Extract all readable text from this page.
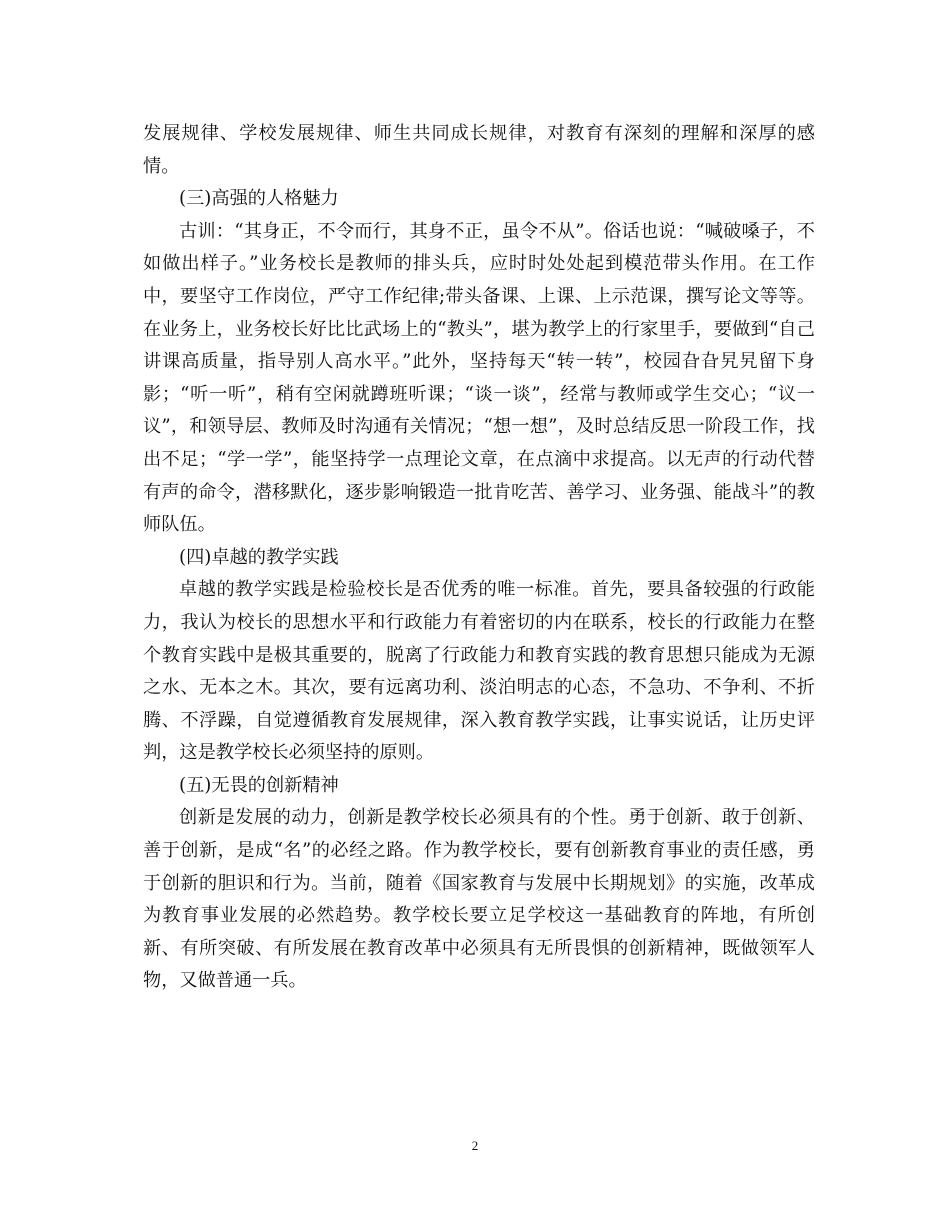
发展规律、学校发展规律、师生共同成长规律，对教育有深刻的理解和深厚的感情。

(三)高强的人格魅力

古训：“其身正，不令而行，其身不正，虽令不从”。俗话也说：“喊破嗓子，不如做出样子。”业务校长是教师的排头兵，应时时处处起到模范带头作用。在工作中，要坚守工作岗位，严守工作纪律;带头备课、上课、上示范课，撰写论文等等。在业务上，业务校长好比比武场上的“教头”，堪为教学上的行家里手，要做到“自己讲课高质量，指导别人高水平。”此外，坚持每天“转一转”，校园旮旮旯旯留下身影；“听一听”，稍有空闲就蹲班听课；“谈一谈”，经常与教师或学生交心；“议一议”，和领导层、教师及时沟通有关情况；“想一想”，及时总结反思一阶段工作，找出不足；“学一学”，能坚持学一点理论文章，在点滴中求提高。以无声的行动代替有声的命令，潜移默化，逐步影响锻造一批肯吃苦、善学习、业务强、能战斗”的教师队伍。

(四)卓越的教学实践

卓越的教学实践是检验校长是否优秀的唯一标准。首先，要具备较强的行政能力，我认为校长的思想水平和行政能力有着密切的内在联系，校长的行政能力在整个教育实践中是极其重要的，脱离了行政能力和教育实践的教育思想只能成为无源之水、无本之木。其次，要有远离功利、淡泊明志的心态，不急功、不争利、不折腾、不浮躁，自觉遵循教育发展规律，深入教育教学实践，让事实说话，让历史评判，这是教学校长必须坚持的原则。

(五)无畏的创新精神

创新是发展的动力，创新是教学校长必须具有的个性。勇于创新、敢于创新、善于创新，是成“名”的必经之路。作为教学校长，要有创新教育事业的责任感，勇于创新的胆识和行为。当前，随着《国家教育与发展中长期规划》的实施，改革成为教育事业发展的必然趋势。教学校长要立足学校这一基础教育的阵地，有所创新、有所突破、有所发展在教育改革中必须具有无所畏惧的创新精神，既做领军人物，又做普通一兵。

2
